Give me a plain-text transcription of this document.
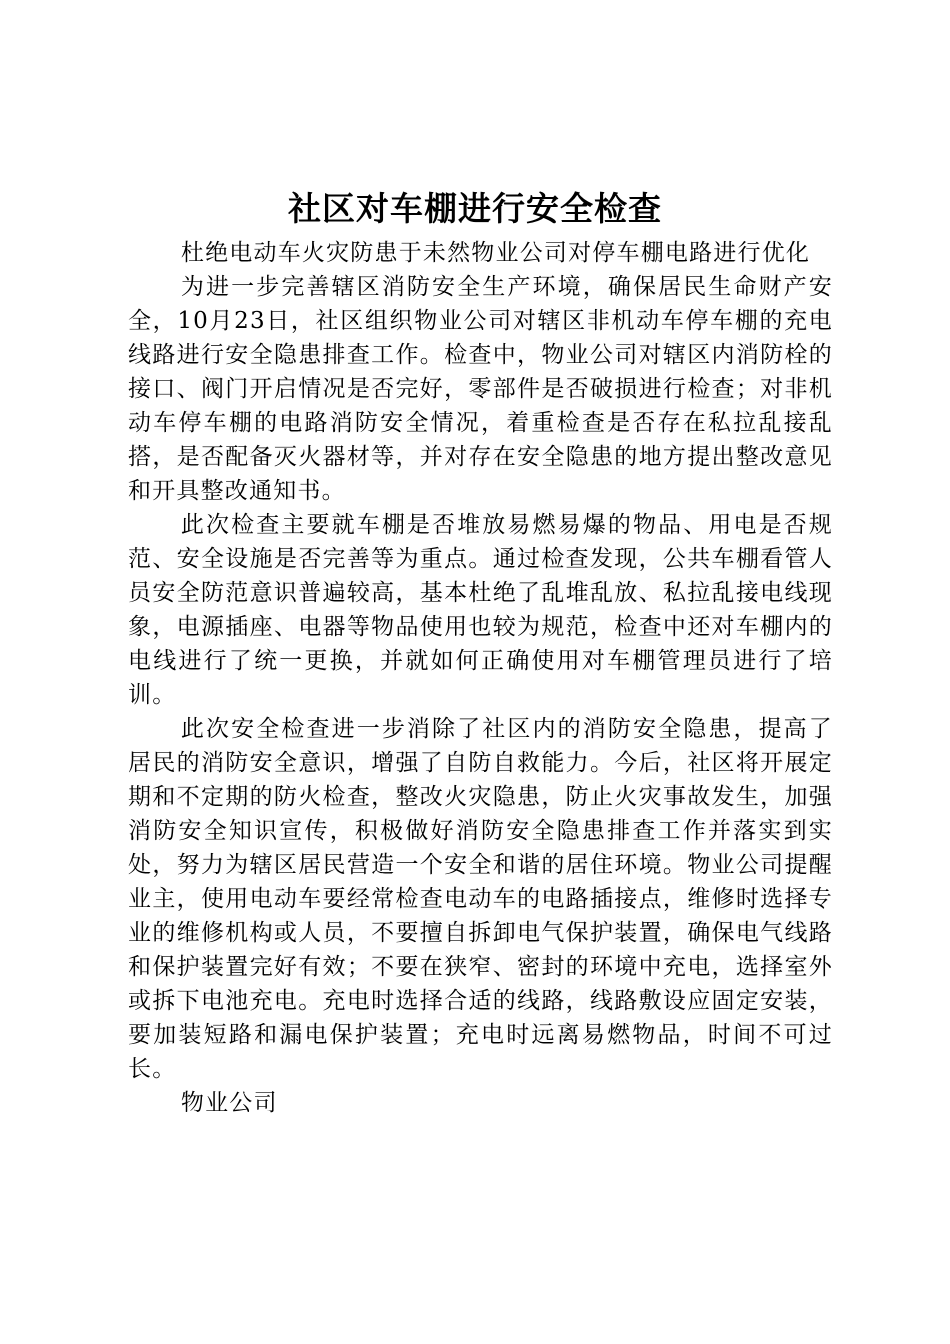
社区对车棚进行安全检查

杜绝电动车火灾防患于未然物业公司对停车棚电路进行优化

为进一步完善辖区消防安全生产环境，确保居民生命财产安全，10月23日，社区组织物业公司对辖区非机动车停车棚的充电线路进行安全隐患排查工作。检查中，物业公司对辖区内消防栓的接口、阀门开启情况是否完好，零部件是否破损进行检查；对非机动车停车棚的电路消防安全情况，着重检查是否存在私拉乱接乱搭，是否配备灭火器材等，并对存在安全隐患的地方提出整改意见和开具整改通知书。

此次检查主要就车棚是否堆放易燃易爆的物品、用电是否规范、安全设施是否完善等为重点。通过检查发现，公共车棚看管人员安全防范意识普遍较高，基本杜绝了乱堆乱放、私拉乱接电线现象，电源插座、电器等物品使用也较为规范，检查中还对车棚内的电线进行了统一更换，并就如何正确使用对车棚管理员进行了培训。

此次安全检查进一步消除了社区内的消防安全隐患，提高了居民的消防安全意识，增强了自防自救能力。今后，社区将开展定期和不定期的防火检查，整改火灾隐患，防止火灾事故发生，加强消防安全知识宣传，积极做好消防安全隐患排查工作并落实到实处，努力为辖区居民营造一个安全和谐的居住环境。物业公司提醒业主，使用电动车要经常检查电动车的电路插接点，维修时选择专业的维修机构或人员，不要擅自拆卸电气保护装置，确保电气线路和保护装置完好有效；不要在狭窄、密封的环境中充电，选择室外或拆下电池充电。充电时选择合适的线路，线路敷设应固定安装，要加装短路和漏电保护装置；充电时远离易燃物品，时间不可过长。

物业公司
